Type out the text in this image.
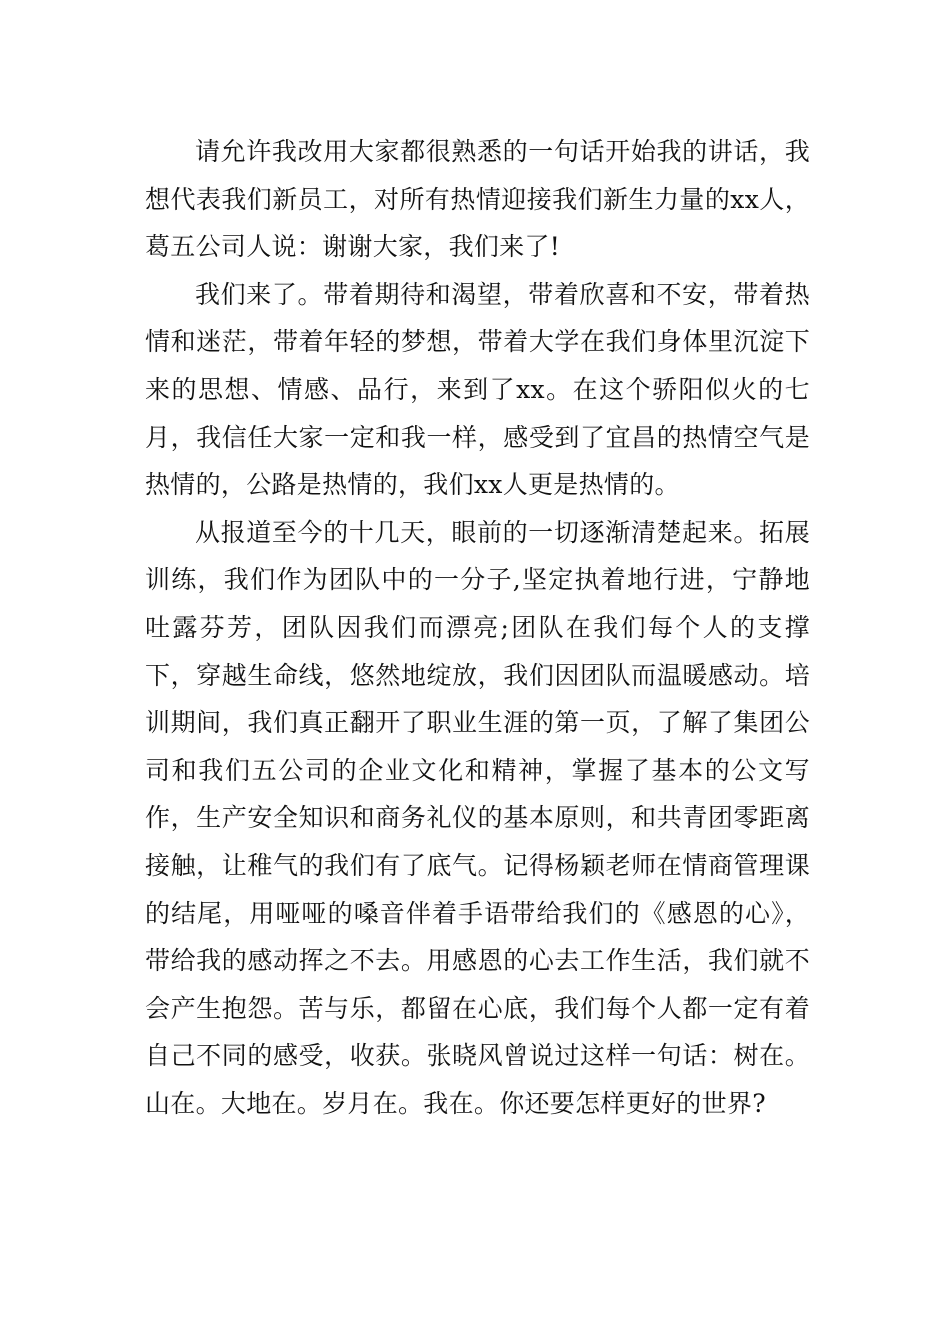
请允许我改用大家都很熟悉的一句话开始我的讲话，我想代表我们新员工，对所有热情迎接我们新生力量的xx人，葛五公司人说：谢谢大家，我们来了!

我们来了。带着期待和渴望，带着欣喜和不安，带着热情和迷茫，带着年轻的梦想，带着大学在我们身体里沉淀下来的思想、情感、品行，来到了xx。在这个骄阳似火的七月，我信任大家一定和我一样，感受到了宜昌的热情空气是热情的，公路是热情的，我们xx人更是热情的。

从报道至今的十几天，眼前的一切逐渐清楚起来。拓展训练，我们作为团队中的一分子,坚定执着地行进，宁静地吐露芬芳，团队因我们而漂亮;团队在我们每个人的支撑下，穿越生命线，悠然地绽放，我们因团队而温暖感动。培训期间，我们真正翻开了职业生涯的第一页，了解了集团公司和我们五公司的企业文化和精神，掌握了基本的公文写作，生产安全知识和商务礼仪的基本原则，和共青团零距离接触，让稚气的我们有了底气。记得杨颖老师在情商管理课的结尾，用哑哑的嗓音伴着手语带给我们的《感恩的心》，带给我的感动挥之不去。用感恩的心去工作生活，我们就不会产生抱怨。苦与乐，都留在心底，我们每个人都一定有着自己不同的感受，收获。张晓风曾说过这样一句话：树在。山在。大地在。岁月在。我在。你还要怎样更好的世界?
